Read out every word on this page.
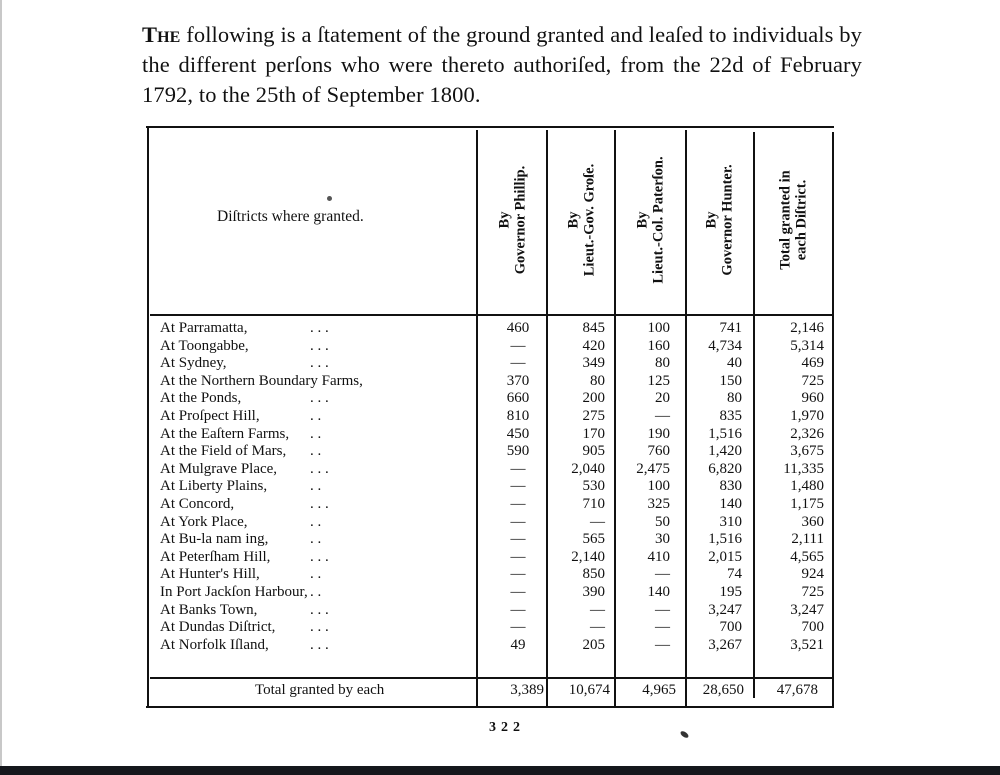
The following is a ſtatement of the ground granted and leaſed to individuals by the different perſons who were thereto authoriſed, from the 22d of February 1792, to the 25th of September 1800.
Diſtricts where granted.	By Governor Phillip.	By Lieut.-Gov. Groſe.	By Lieut.-Col. Paterſon.	By Governor Hunter.	Total granted in each Diſtrict.
At Parramatta,	. . .	460	845	100	741	2,146
At Toongabbe,	. . .	—	420	160	4,734	5,314
At Sydney,	. . .	—	349	80	40	469
At the Northern Boundary Farms,	370	80	125	150	725
At the Ponds,	. . .	660	200	20	80	960
At Proſpect Hill,	. .	810	275	—	835	1,970
At the Eaſtern Farms, . .	450	170	190	1,516	2,326
At the Field of Mars, . .	590	905	760	1,420	3,675
At Mulgrave Place, . . .	—	2,040	2,475	6,820	11,335
At Liberty Plains,	. .	—	530	100	830	1,480
At Concord,	. . .	—	710	325	140	1,175
At York Place,	. .	—	—	50	310	360
At Bu-la nam ing,	. .	—	565	30	1,516	2,111
At Peterſham Hill,	. . .	—	2,140	410	2,015	4,565
At Hunter's Hill,	. .	—	850	—	74	924
In Port Jackſon Harbour, . .	—	390	140	195	725
At Banks Town,	. . .	—	—	—	3,247	3,247
At Dundas Diſtrict, . . .	—	—	—	700	700
At Norfolk Iſland,	. . .	49	205	—	3,267	3,521
Total granted by each	3,389	10,674	4,965	28,650	47,678
322
